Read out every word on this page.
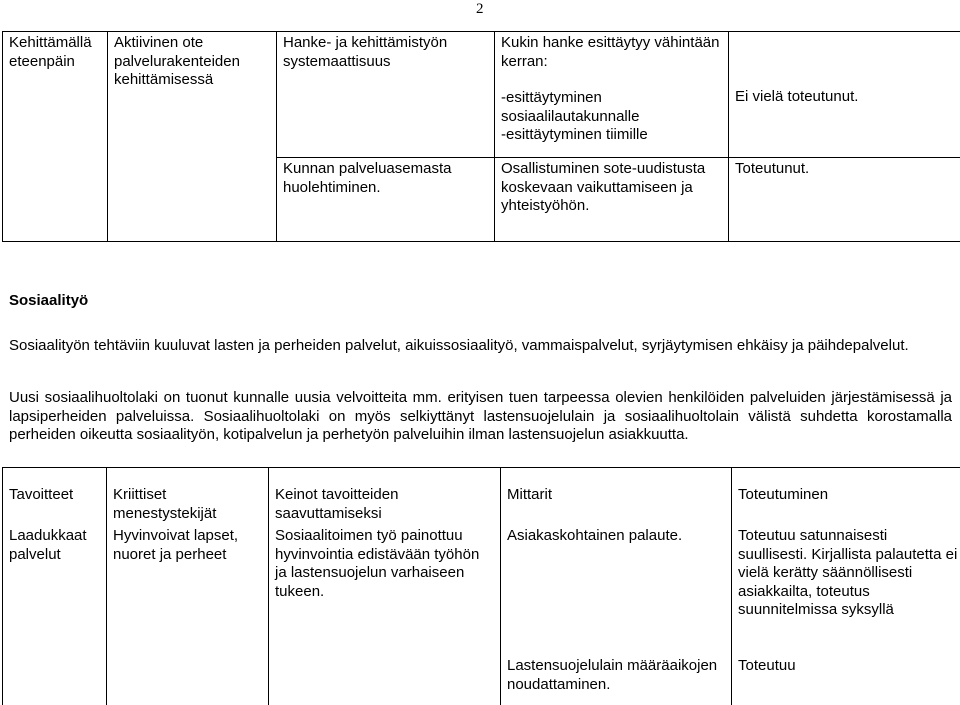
2
Kehittämällä eteenpäin	Aktiivinen ote palvelurakenteiden kehittämisessä	Hanke- ja kehittämistyön systemaattisuus	Kukin hanke esittäytyy vähintään kerran:
-esittäytyminen sosiaalilautakunnalle
-esittäytyminen tiimille	Ei vielä toteutunut.

		Kunnan palveluasemasta huolehtiminen.	Osallistuminen sote-uudistusta koskevaan vaikuttamiseen ja yhteistyöhön.	Toteutunut.
Sosiaalityö
Sosiaalityön tehtäviin kuuluvat lasten ja perheiden palvelut, aikuissosiaalityö, vammaispalvelut, syrjäytymisen ehkäisy ja päihdepalvelut.
Uusi sosiaalihuoltolaki on tuonut kunnalle uusia velvoitteita mm. erityisen tuen tarpeessa olevien henkilöiden palveluiden järjestämisessä ja lapsiperheiden palveluissa. Sosiaalihuoltolaki on myös selkiyttänyt lastensuojelulain ja sosiaalihuoltolain välistä suhdetta korostamalla perheiden oikeutta sosiaalityön, kotipalvelun ja perhetyön palveluihin ilman lastensuojelun asiakkuutta.
Tavoitteet	Kriittiset menestystekijät	Keinot tavoitteiden saavuttamiseksi	Mittarit	Toteutuminen

Laadukkaat palvelut	Hyvinvoivat lapset, nuoret ja perheet	Sosiaalitoimen työ painottuu hyvinvointia edistävään työhön ja lastensuojelun varhaiseen tukeen.	Asiakaskohtainen palaute.	Toteutuu satunnaisesti suullisesti. Kirjallista palautetta ei vielä kerätty säännöllisesti asiakkailta, toteutus suunnitelmissa syksyllä

			Lastensuojelulain määräaikojen noudattaminen.	Toteutuu
